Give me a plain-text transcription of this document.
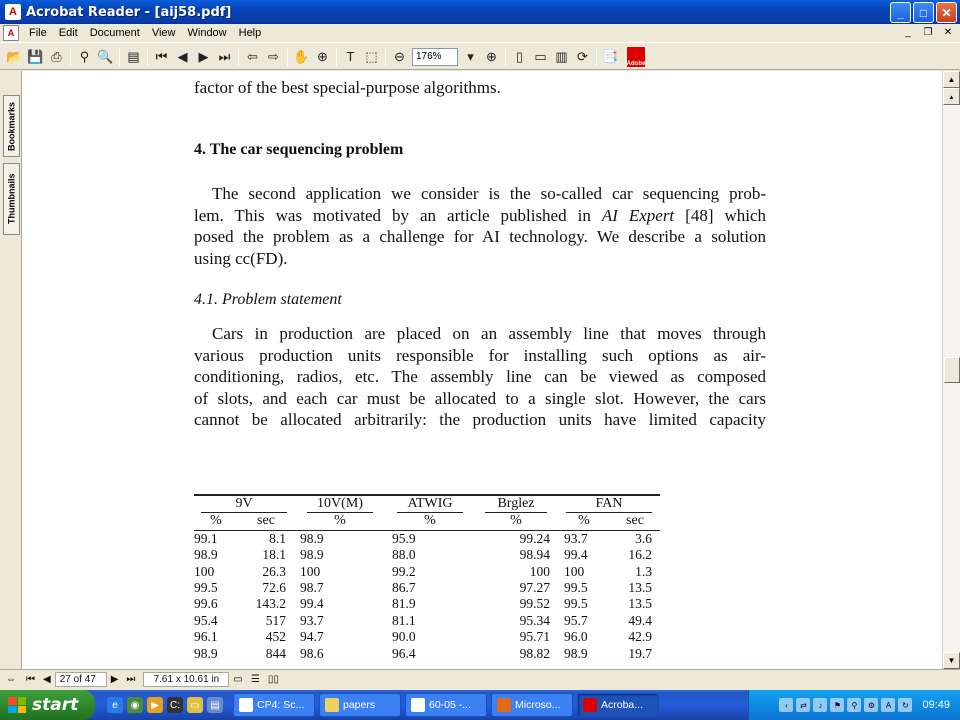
A Acrobat Reader - [aij58.pdf]	_	□	✕
A	File	Edit	Document	View	Window	Help	_	❐	✕
📂 💾 ⎙	⚲ 🔍	▤	⏮ ◀ ▶ ⏭	⇦ ⇨	✋ ⊕	T ⬚	⊖	176%	▾ ⊕	▯ ▭ ▥ ⟳	📑	Adobe
Bookmarks
Thumbnails
factor of the best special-purpose algorithms.
4. The car sequencing problem
The second application we consider is the so-called car sequencing prob-
lem. This was motivated by an article published in AI Expert [48] which
posed the problem as a challenge for AI technology. We describe a solution
using cc(FD).
4.1. Problem statement
Cars in production are placed on an assembly line that moves through
various production units responsible for installing such options as air-
conditioning, radios, etc. The assembly line can be viewed as composed
of slots, and each car must be allocated to a single slot. However, the cars
cannot be allocated arbitrarily: the production units have limited capacity
9V		10V(M)	ATWIG	Brglez	FAN	
%	sec	%	%	%	%	sec
99.1	8.1	98.9	95.9	99.24	93.7	3.6
98.9	18.1	98.9	88.0	98.94	99.4	16.2
100	26.3	100	99.2	100	100	1.3
99.5	72.6	98.7	86.7	97.27	99.5	13.5
99.6	143.2	99.4	81.9	99.52	99.5	13.5
95.4	517	93.7	81.1	95.34	95.7	49.4
96.1	452	94.7	90.0	95.71	96.0	42.9
98.9	844	98.6	96.4	98.82	98.9	19.7
▲
▴
▼
⇔	⏮ ◀ 27 of 47	▶ ⏭	7.61 x 10.61 in	▭ ☰ ▯▯
start	e	◉	▶	C:	▭	▤	CP4: Sc...	papers	60-05 -...	Microso...	Acroba...	‹	⇄	♪	⚑	⚲	⚙	A	↻	09:49
